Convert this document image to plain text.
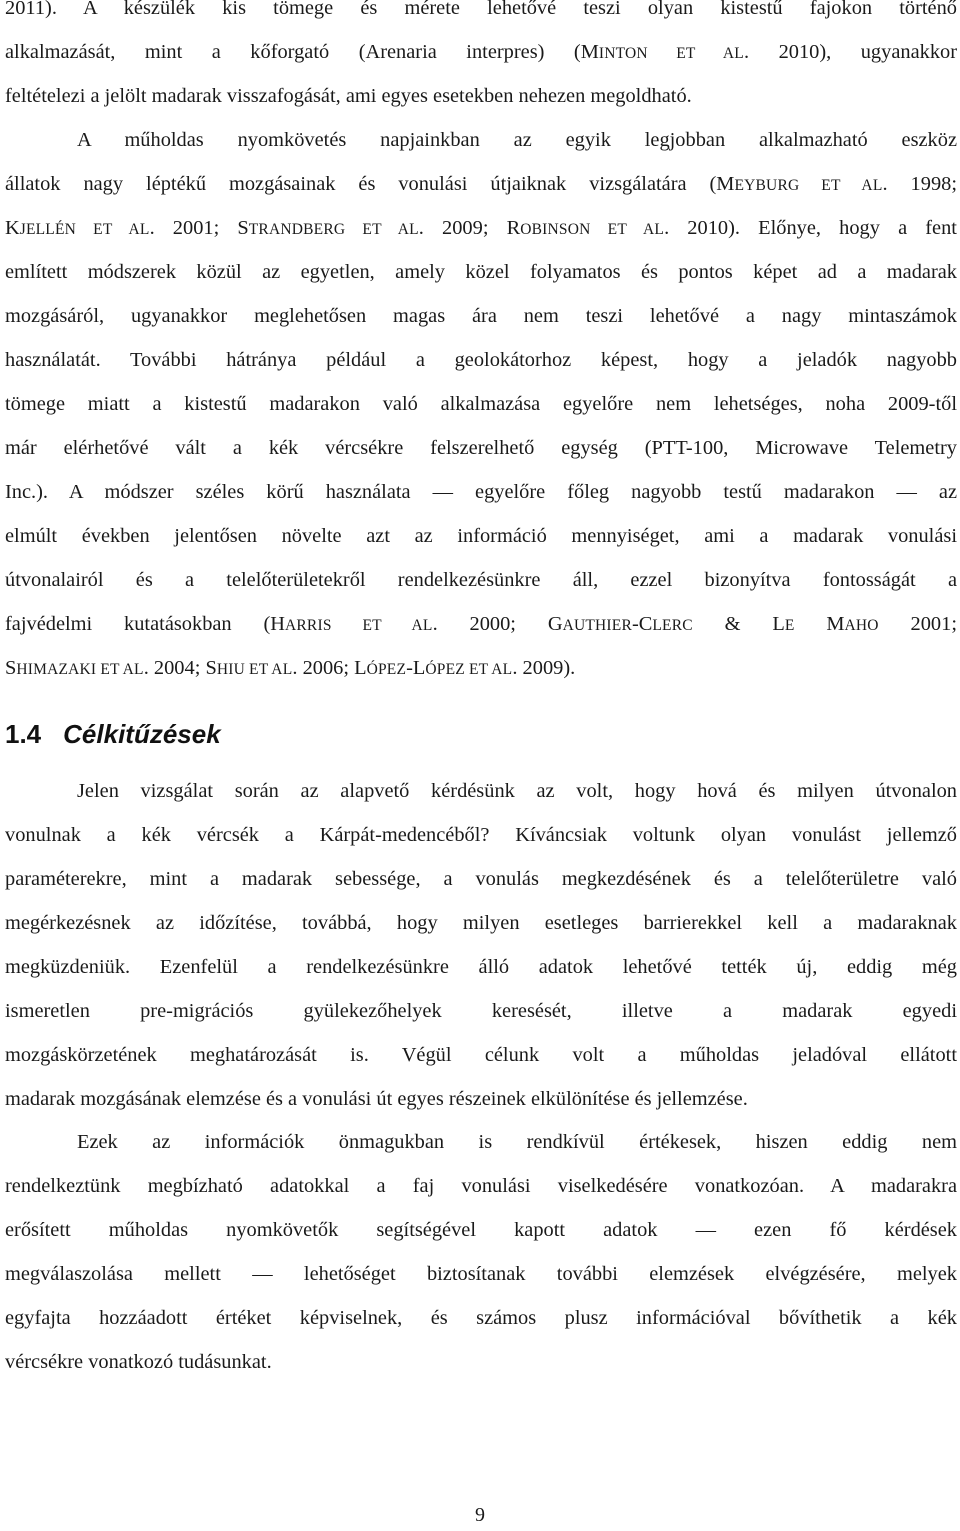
2011). A készülék kis tömege és mérete lehetővé teszi olyan kistestű fajokon történő
alkalmazását, mint a kőforgató (Arenaria interpres) (MINTON ET AL. 2010), ugyanakkor
feltételezi a jelölt madarak visszafogását, ami egyes esetekben nehezen megoldható.
A műholdas nyomkövetés napjainkban az egyik legjobban alkalmazható eszköz
állatok nagy léptékű mozgásainak és vonulási útjaiknak vizsgálatára (MEYBURG ET AL. 1998;
KJELLÉN ET AL. 2001; STRANDBERG ET AL. 2009; ROBINSON ET AL. 2010). Előnye, hogy a fent
említett módszerek közül az egyetlen, amely közel folyamatos és pontos képet ad a madarak
mozgásáról, ugyanakkor meglehetősen magas ára nem teszi lehetővé a nagy mintaszámok
használatát. További hátránya például a geolokátorhoz képest, hogy a jeladók nagyobb
tömege miatt a kistestű madarakon való alkalmazása egyelőre nem lehetséges, noha 2009-től
már elérhetővé vált a kék vércsékre felszerelhető egység (PTT-100, Microwave Telemetry
Inc.). A módszer széles körű használata ― egyelőre főleg nagyobb testű madarakon ― az
elmúlt években jelentősen növelte azt az információ mennyiséget, ami a madarak vonulási
útvonalairól és a telelőterületekről rendelkezésünkre áll, ezzel bizonyítva fontosságát a
fajvédelmi kutatásokban (HARRIS ET AL. 2000; GAUTHIER-CLERC & LE MAHO 2001;
SHIMAZAKI ET AL. 2004; SHIU ET AL. 2006; LÓPEZ-LÓPEZ ET AL. 2009).
1.4 Célkitűzések
Jelen vizsgálat során az alapvető kérdésünk az volt, hogy hová és milyen útvonalon
vonulnak a kék vércsék a Kárpát-medencéből? Kíváncsiak voltunk olyan vonulást jellemző
paraméterekre, mint a madarak sebessége, a vonulás megkezdésének és a telelőterületre való
megérkezésnek az időzítése, továbbá, hogy milyen esetleges barrierekkel kell a madaraknak
megküzdeniük. Ezenfelül a rendelkezésünkre álló adatok lehetővé tették új, eddig még
ismeretlen pre-migrációs gyülekezőhelyek keresését, illetve a madarak egyedi
mozgáskörzetének meghatározását is. Végül célunk volt a műholdas jeladóval ellátott
madarak mozgásának elemzése és a vonulási út egyes részeinek elkülönítése és jellemzése.
Ezek az információk önmagukban is rendkívül értékesek, hiszen eddig nem
rendelkeztünk megbízható adatokkal a faj vonulási viselkedésére vonatkozóan. A madarakra
erősített műholdas nyomkövetők segítségével kapott adatok ― ezen fő kérdések
megválaszolása mellett ― lehetőséget biztosítanak további elemzések elvégzésére, melyek
egyfajta hozzáadott értéket képviselnek, és számos plusz információval bővíthetik a kék
vércsékre vonatkozó tudásunkat.
9
